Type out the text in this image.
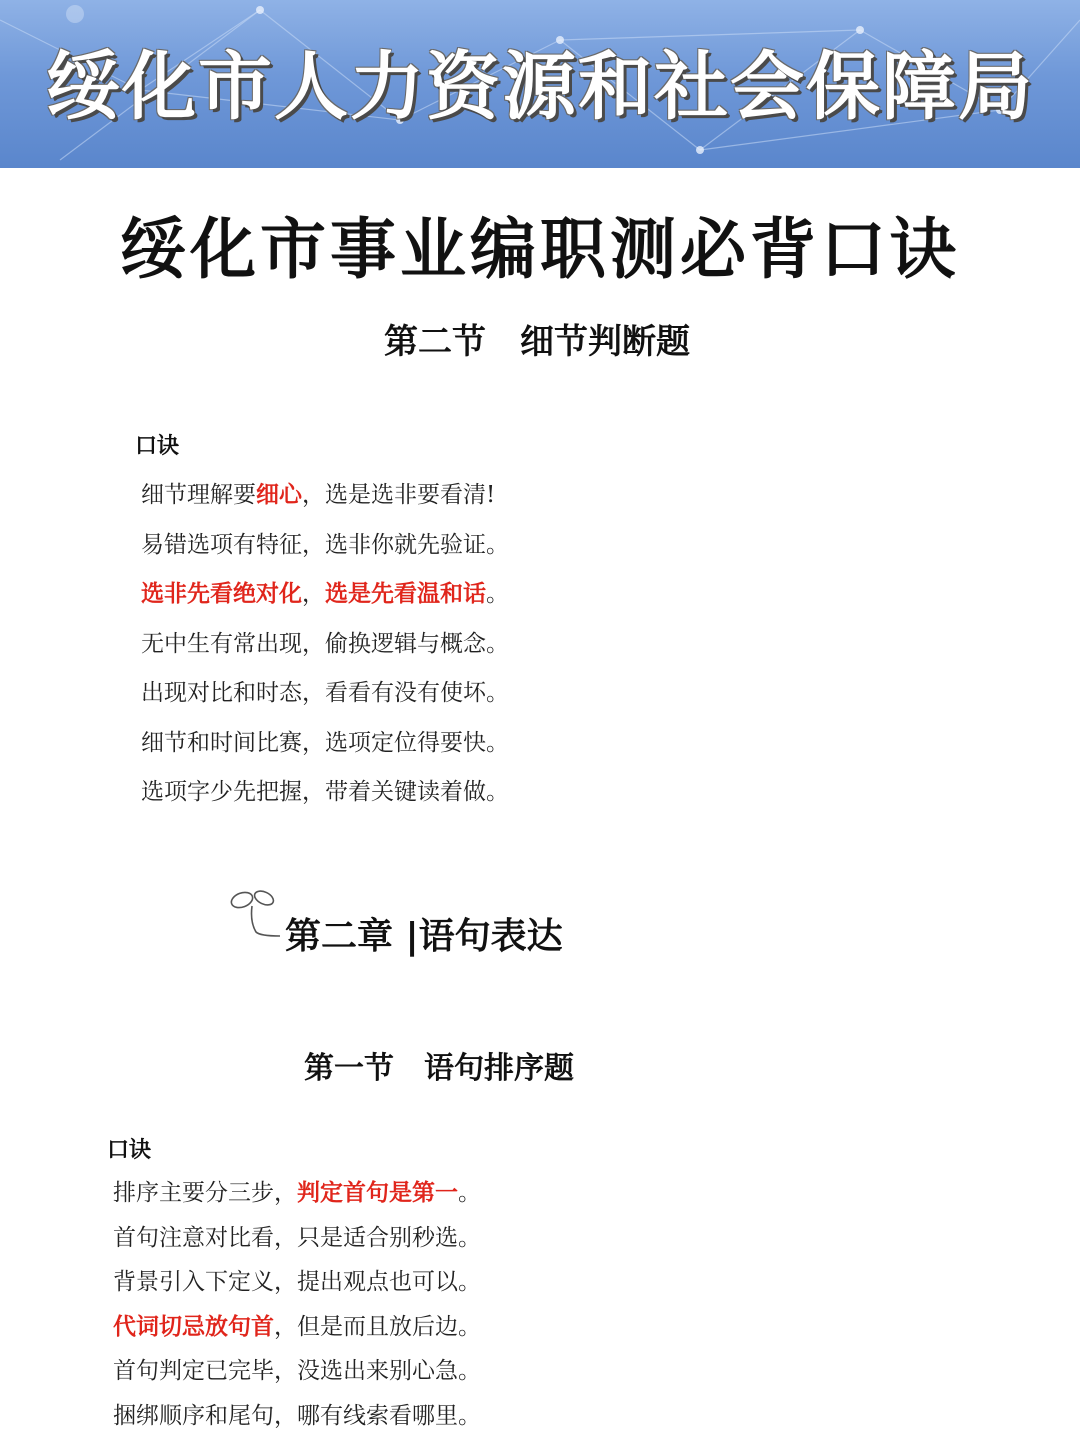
绥化市人力资源和社会保障局
绥化市事业编职测必背口诀
第二节　细节判断题
口诀
细节理解要细心，选是选非要看清!
易错选项有特征，选非你就先验证。
选非先看绝对化，选是先看温和话。
无中生有常出现，偷换逻辑与概念。
出现对比和时态，看看有没有使坏。
细节和时间比赛，选项定位得要快。
选项字少先把握，带着关键读着做。
第二章 |语句表达
第一节　语句排序题
口诀
排序主要分三步，判定首句是第一。
首句注意对比看，只是适合别秒选。
背景引入下定义，提出观点也可以。
代词切忌放句首，但是而且放后边。
首句判定已完毕，没选出来别心急。
捆绑顺序和尾句，哪有线索看哪里。
